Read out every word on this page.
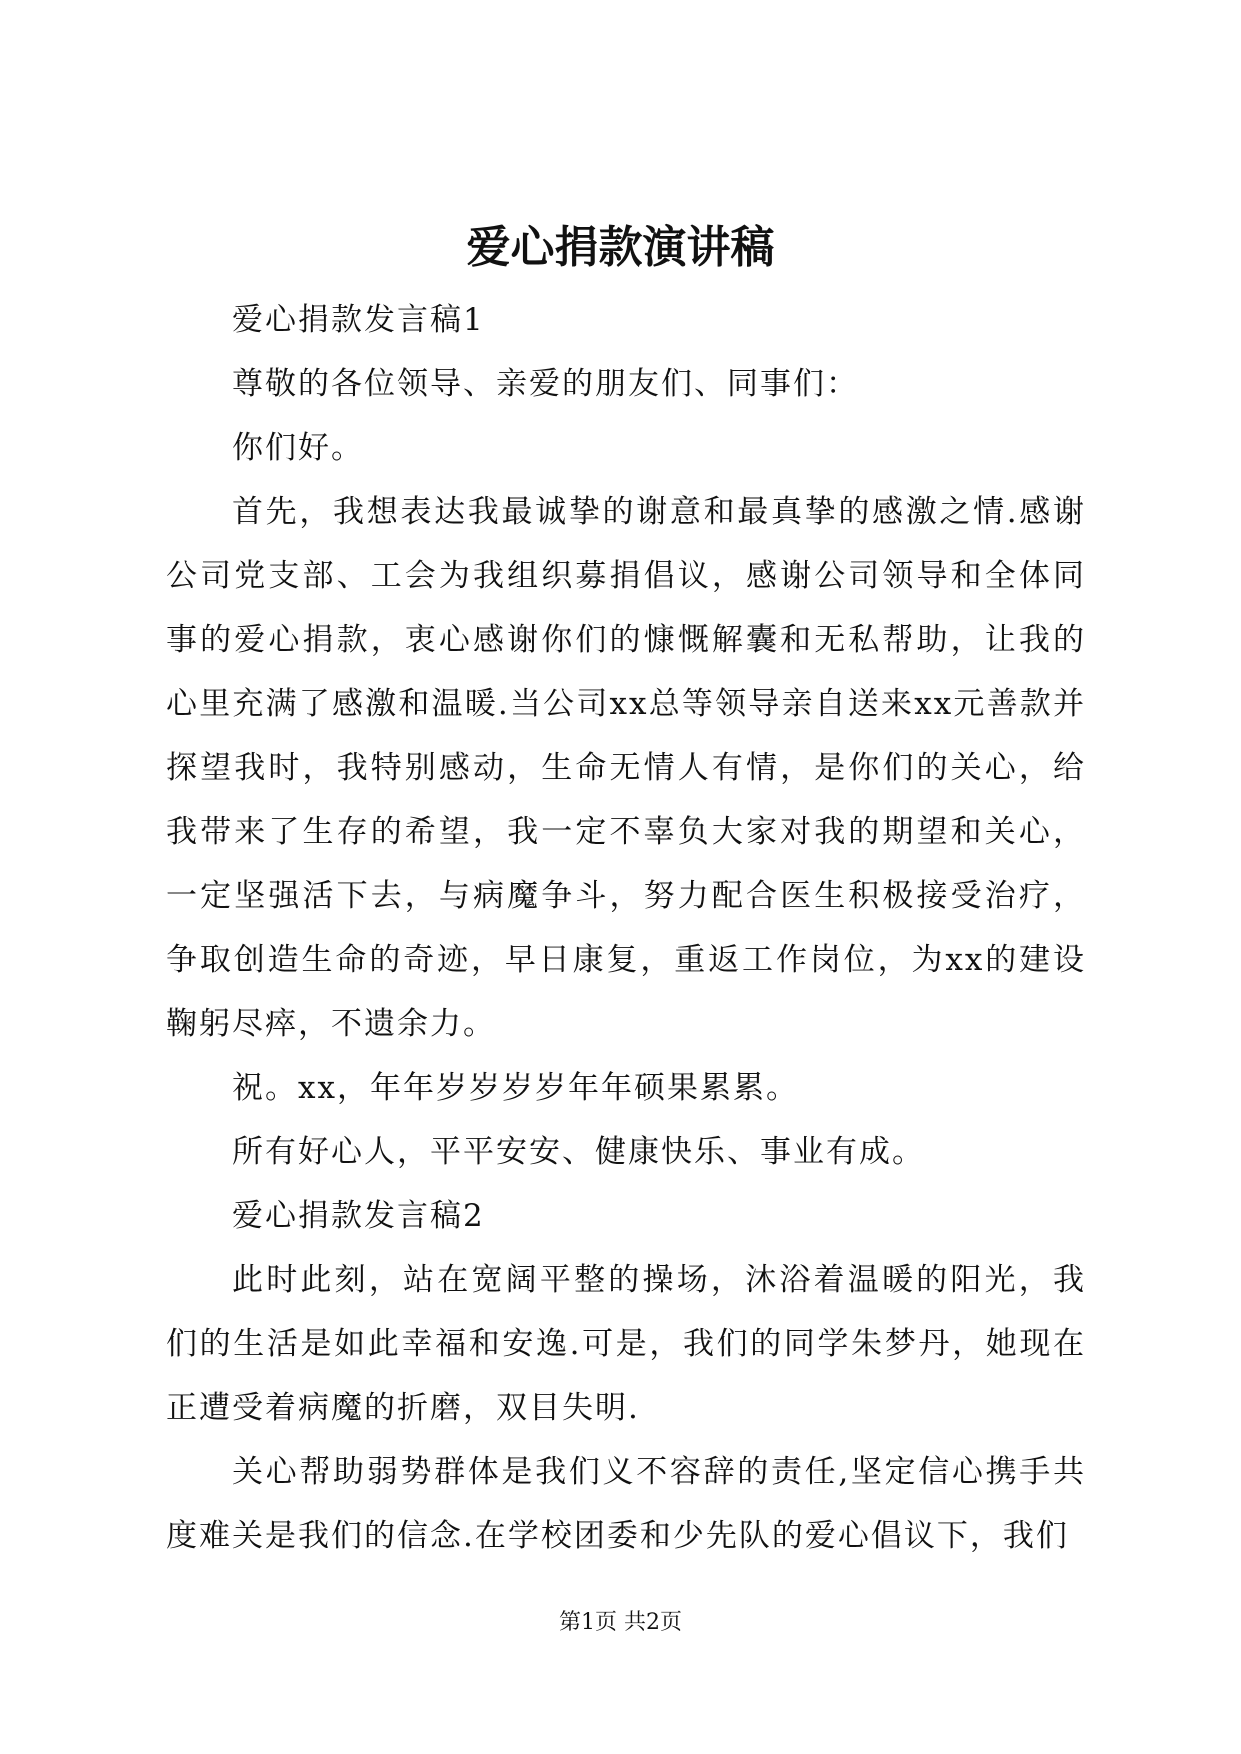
爱心捐款演讲稿

爱心捐款发言稿1

尊敬的各位领导、亲爱的朋友们、同事们：

你们好。

首先，我想表达我最诚挚的谢意和最真挚的感激之情.感谢公司党支部、工会为我组织募捐倡议，感谢公司领导和全体同事的爱心捐款，衷心感谢你们的慷慨解囊和无私帮助，让我的心里充满了感激和温暖.当公司xx总等领导亲自送来xx元善款并探望我时，我特别感动，生命无情人有情，是你们的关心，给我带来了生存的希望，我一定不辜负大家对我的期望和关心，一定坚强活下去，与病魔争斗，努力配合医生积极接受治疗，争取创造生命的奇迹，早日康复，重返工作岗位，为xx的建设鞠躬尽瘁，不遗余力。

祝。xx，年年岁岁岁岁年年硕果累累。

所有好心人，平平安安、健康快乐、事业有成。

爱心捐款发言稿2

此时此刻，站在宽阔平整的操场，沐浴着温暖的阳光，我们的生活是如此幸福和安逸.可是，我们的同学朱梦丹，她现在正遭受着病魔的折磨，双目失明.

关心帮助弱势群体是我们义不容辞的责任,坚定信心携手共度难关是我们的信念.在学校团委和少先队的爱心倡议下，我们

第1页 共2页
